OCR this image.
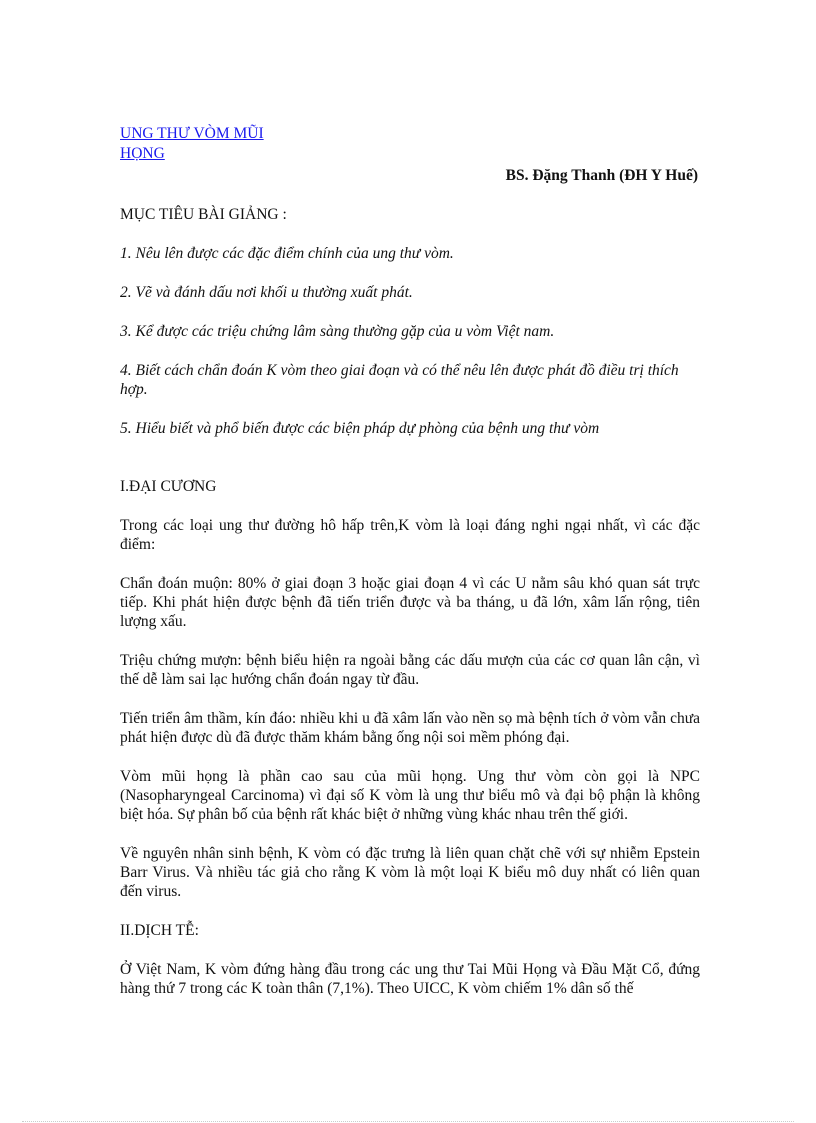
UNG THƯ VÒM MŨI
HỌNG
BS. Đặng Thanh (ĐH Y Huế)

MỤC TIÊU BÀI GIẢNG :

1. Nêu lên được các đặc điểm chính của ung thư vòm.

2. Vẽ và đánh dấu nơi khối u thường xuất phát.

3. Kể được các triệu chứng lâm sàng thường gặp của u vòm Việt nam.

4. Biết cách chẩn đoán K vòm theo giai đoạn và có thể nêu lên được phát đồ điều trị thích hợp.

5. Hiểu biết và phổ biến được các biện pháp dự phòng của bệnh ung thư vòm

I.ĐẠI CƯƠNG

Trong các loại ung thư đường hô hấp trên,K vòm là loại đáng nghi ngại nhất, vì các đặc điểm:

Chẩn đoán muộn: 80% ở giai đoạn 3 hoặc giai đoạn 4 vì các U nằm sâu khó quan sát trực tiếp. Khi phát hiện được bệnh đã tiến triển được và ba tháng, u đã lớn, xâm lấn rộng, tiên lượng xấu.

Triệu chứng mượn: bệnh biểu hiện ra ngoài bằng các dấu mượn của các cơ quan lân cận, vì thế dễ làm sai lạc hướng chẩn đoán ngay từ đầu.

Tiến triển âm thầm, kín đáo: nhiều khi u đã xâm lấn vào nền sọ mà bệnh tích ở vòm vẫn chưa phát hiện được dù đã được thăm khám bằng ống nội soi mềm phóng đại.

Vòm mũi họng là phần cao sau của mũi họng. Ung thư vòm còn gọi là NPC (Nasopharyngeal Carcinoma) vì đại số K vòm là ung thư biểu mô và đại bộ phận là không biệt hóa. Sự phân bố của bệnh rất khác biệt ở những vùng khác nhau trên thế giới.

Về nguyên nhân sinh bệnh, K vòm có đặc trưng là liên quan chặt chẽ với sự nhiễm Epstein Barr Virus. Và nhiều tác giả cho rằng K vòm là một loại K biểu mô duy nhất có liên quan đến virus.

II.DỊCH TỄ:

Ở Việt Nam, K vòm đứng hàng đầu trong các ung thư Tai Mũi Họng và Đầu Mặt Cổ, đứng hàng thứ 7 trong các K toàn thân (7,1%). Theo UICC, K vòm chiếm 1% dân số thế
